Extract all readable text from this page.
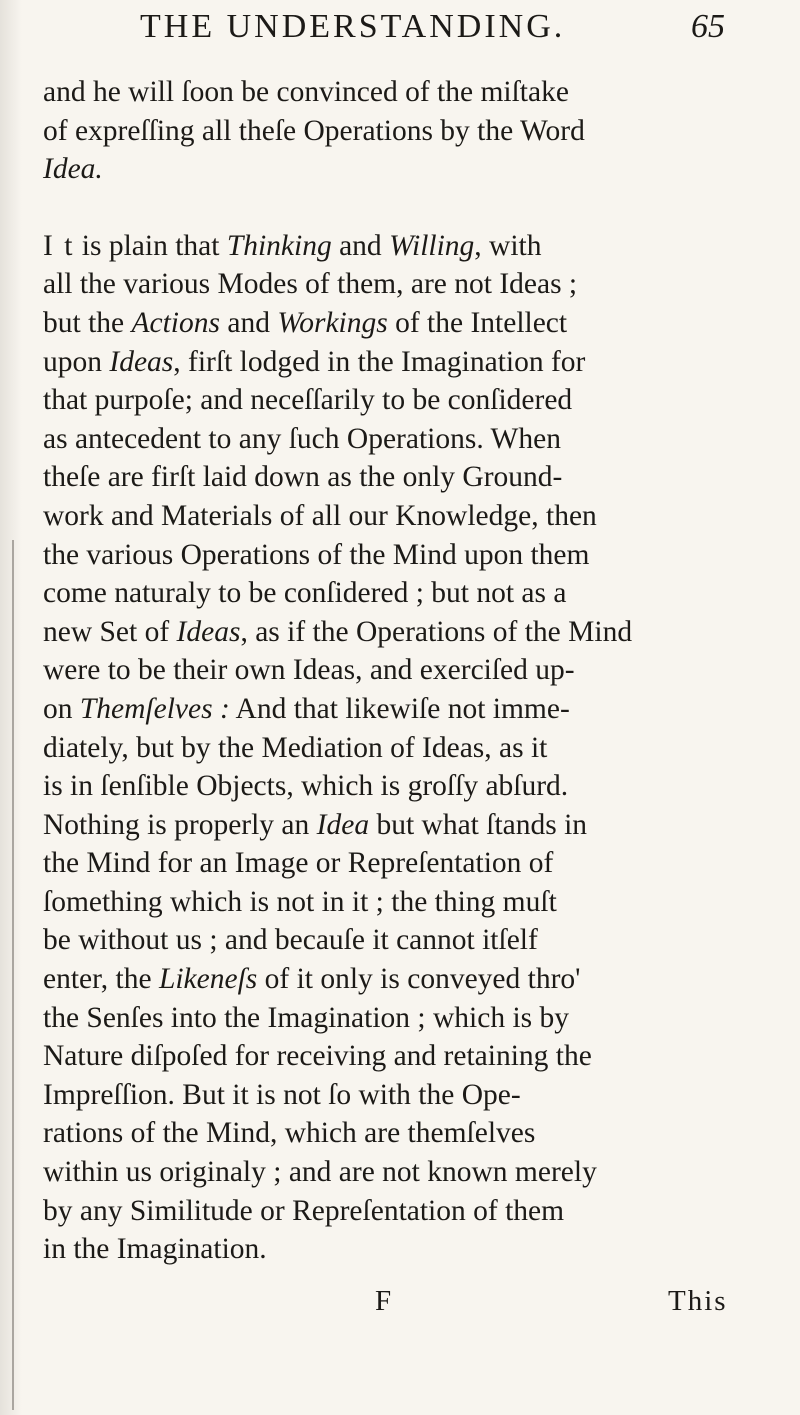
THE UNDERSTANDING.	65
and he will ſoon be convinced of the miſtake
of expreſſing all theſe Operations by the Word
Idea.
I t is plain that Thinking and Willing, with
all the various Modes of them, are not Ideas ;
but the Actions and Workings of the Intellect
upon Ideas, firſt lodged in the Imagination for
that purpoſe; and neceſſarily to be conſidered
as antecedent to any ſuch Operations. When
theſe are firſt laid down as the only Ground-
work and Materials of all our Knowledge, then
the various Operations of the Mind upon them
come naturaly to be conſidered ; but not as a
new Set of Ideas, as if the Operations of the Mind
were to be their own Ideas, and exerciſed up-
on Themſelves : And that likewiſe not imme-
diately, but by the Mediation of Ideas, as it
is in ſenſible Objects, which is groſſy abſurd.
Nothing is properly an Idea but what ſtands in
the Mind for an Image or Repreſentation of
ſomething which is not in it ; the thing muſt
be without us ; and becauſe it cannot itſelf
enter, the Likeneſs of it only is conveyed thro'
the Senſes into the Imagination ; which is by
Nature diſpoſed for receiving and retaining the
Impreſſion. But it is not ſo with the Ope-
rations of the Mind, which are themſelves
within us originaly ; and are not known merely
by any Similitude or Repreſentation of them
in the Imagination.
F	This
